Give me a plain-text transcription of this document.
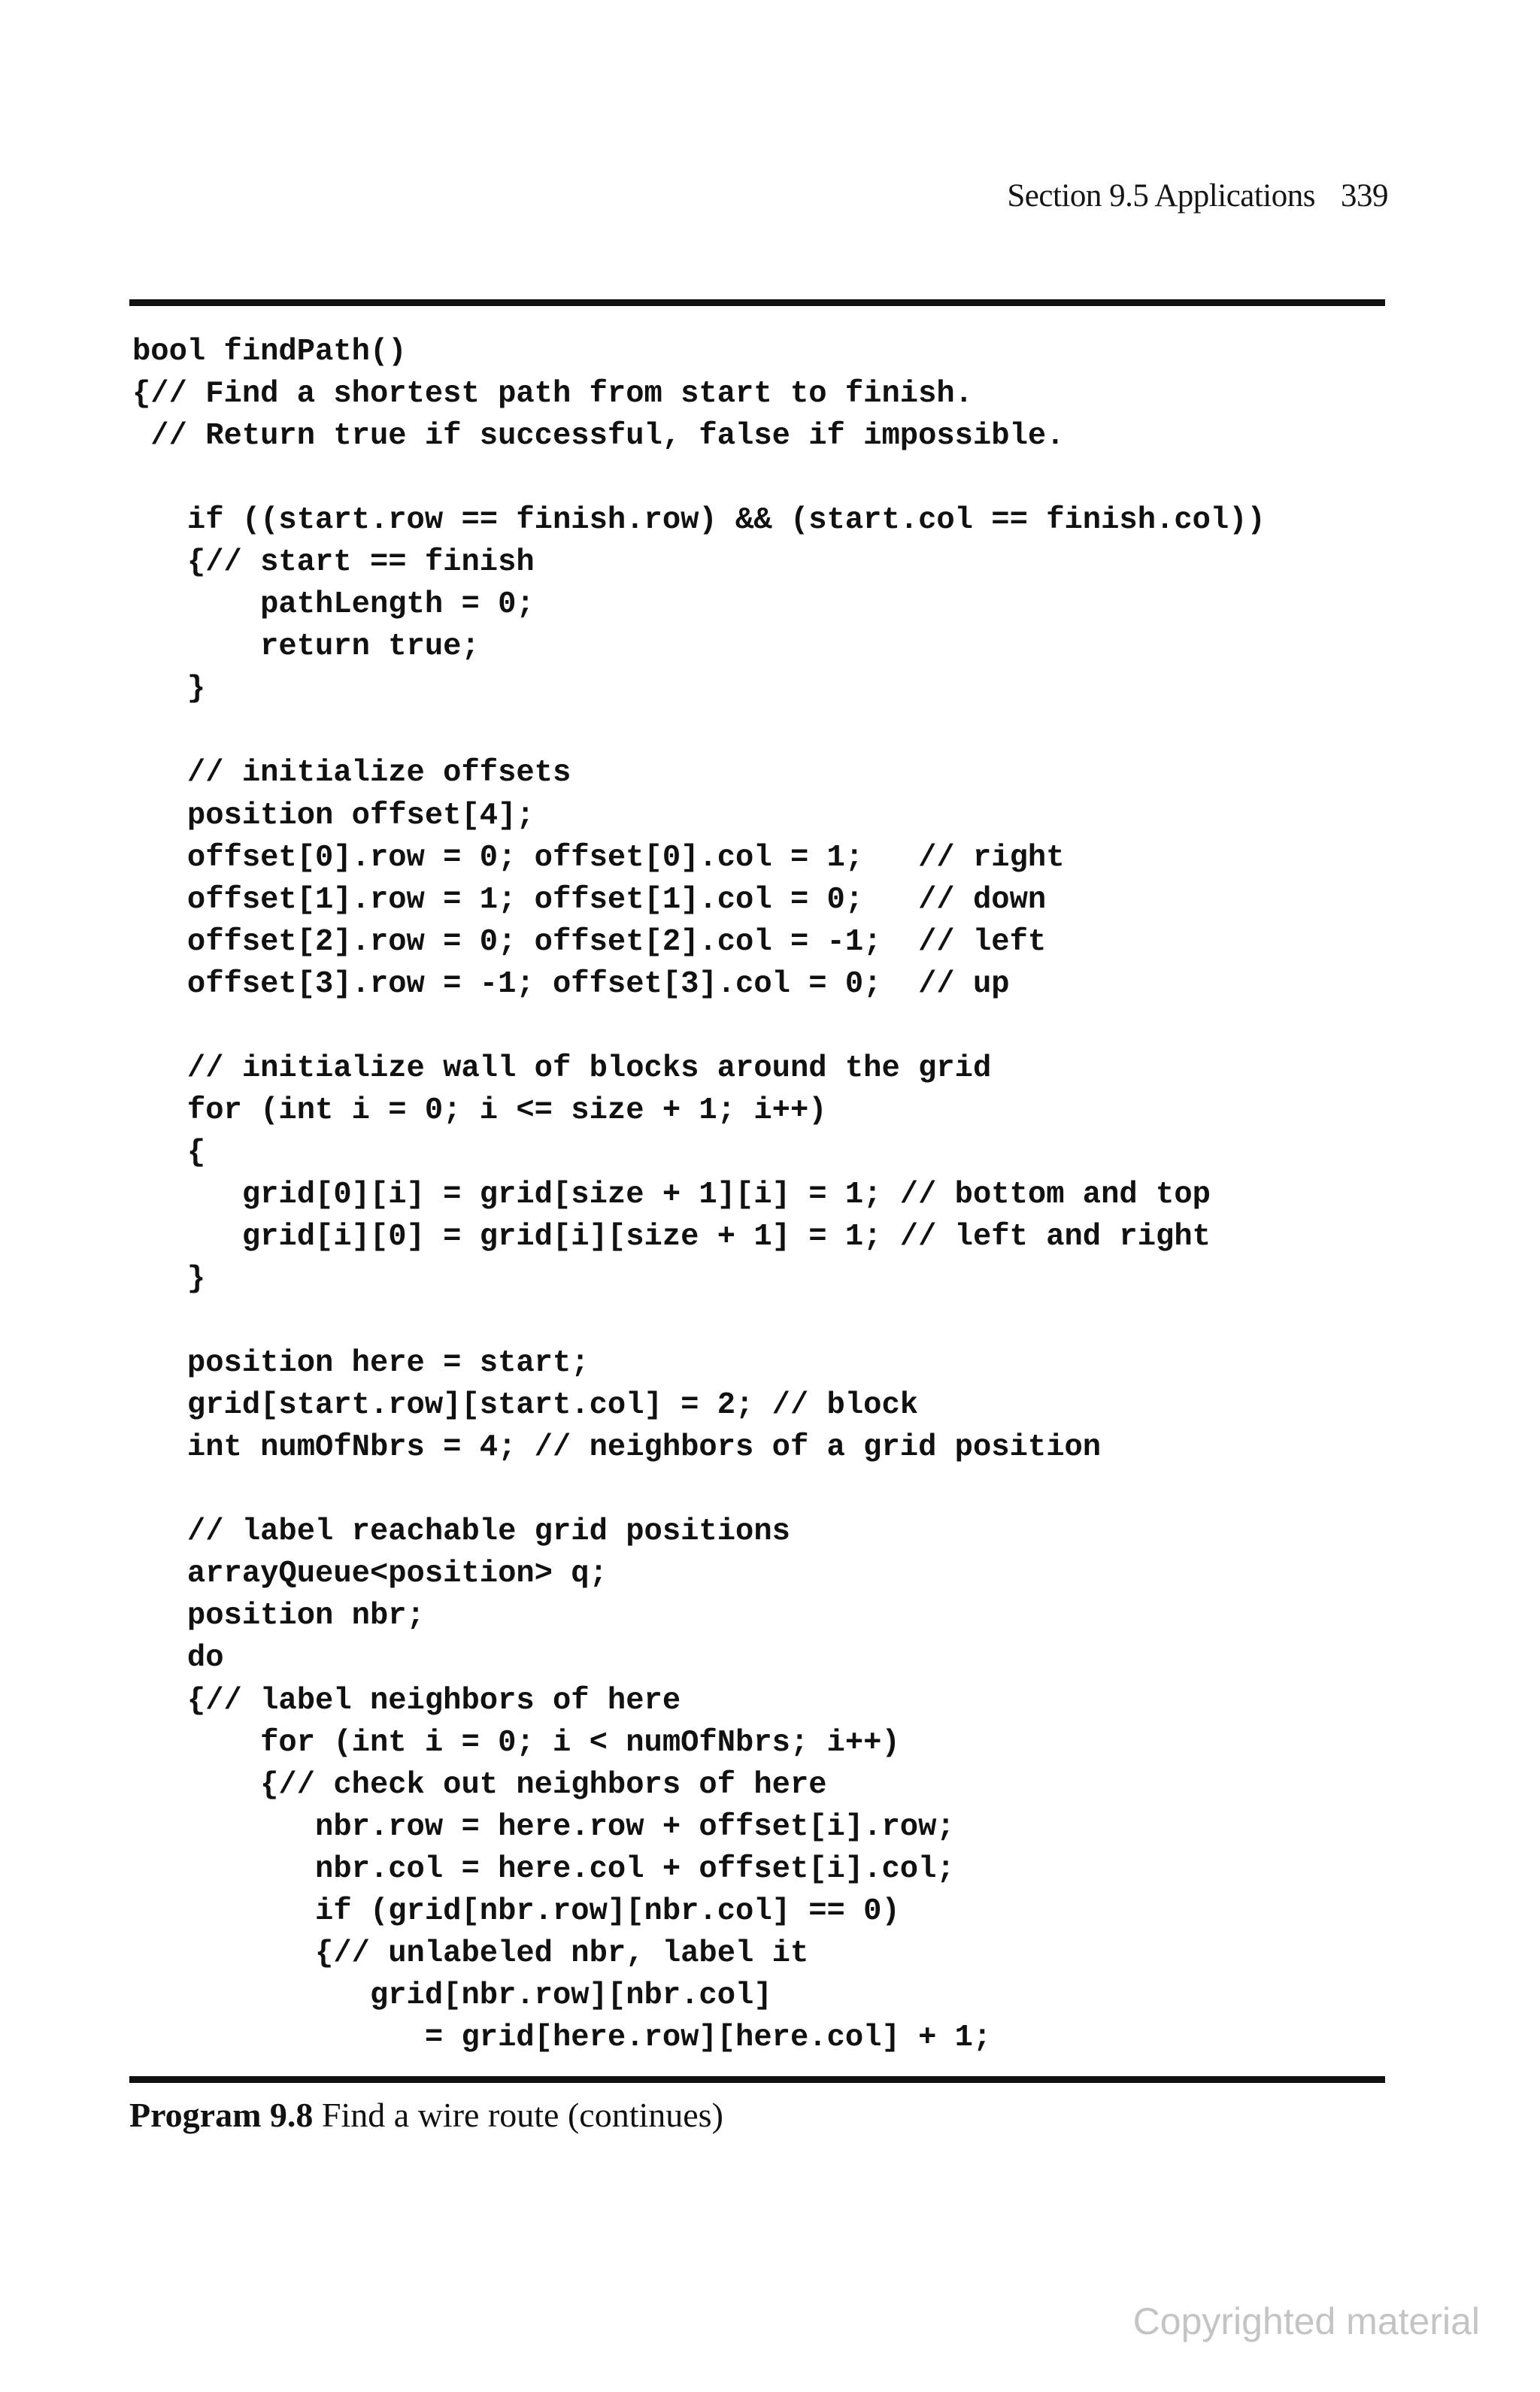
Section 9.5 Applications 339
bool findPath()
{// Find a shortest path from start to finish.
// Return true if successful, false if impossible.

if ((start.row == finish.row) && (start.col == finish.col))
{// start == finish
pathLength = 0;
return true;
}

// initialize offsets
position offset[4];
offset[0].row = 0; offset[0].col = 1;   // right
offset[1].row = 1; offset[1].col = 0;   // down
offset[2].row = 0; offset[2].col = -1;  // left
offset[3].row = -1; offset[3].col = 0;  // up

// initialize wall of blocks around the grid
for (int i = 0; i <= size + 1; i++)
{
grid[0][i] = grid[size + 1][i] = 1; // bottom and top
grid[i][0] = grid[i][size + 1] = 1; // left and right
}

position here = start;
grid[start.row][start.col] = 2; // block
int numOfNbrs = 4; // neighbors of a grid position

// label reachable grid positions
arrayQueue<position> q;
position nbr;
do
{// label neighbors of here
for (int i = 0; i < numOfNbrs; i++)
{// check out neighbors of here
nbr.row = here.row + offset[i].row;
nbr.col = here.col + offset[i].col;
if (grid[nbr.row][nbr.col] == 0)
{// unlabeled nbr, label it
grid[nbr.row][nbr.col]
= grid[here.row][here.col] + 1;
Program 9.8 Find a wire route (continues)
Copyrighted material
